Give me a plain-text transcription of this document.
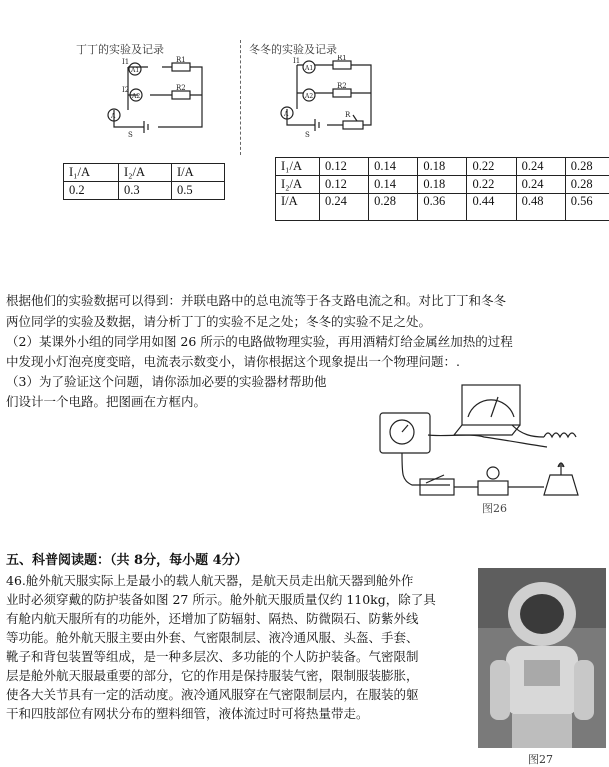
丁丁的实验及记录
I1
I2
R1
R2
A1
A2
A
S
冬冬的实验及记录
I1	R1
R2
A1
A2
A
S
R
I₁/A	I₂/A	I/A
0.2	0.3	0.5
I₁/A	0.12	0.14	0.18	0.22	0.24	0.28
I₂/A	0.12	0.14	0.18	0.22	0.24	0.28
I/A	0.24	0.28	0.36	0.44	0.48	0.56
根据他们的实验数据可以得到：并联电路中的总电流等于各支路电流之和。对比丁丁和冬冬
两位同学的实验及数据，请分析丁丁的实验不足之处；冬冬的实验不足之处。
（2）某课外小组的同学用如图 26 所示的电路做物理实验，再用酒精灯给金属丝加热的过程
中发现小灯泡亮度变暗，电流表示数变小，请你根据这个现象提出一个物理问题：.
（3）为了验证这个问题，请你添加必要的实验器材帮助他
们设计一个电路。把图画在方框内。
图26
五、科普阅读题：（共 8分，每小题 4分）
46.舱外航天服实际上是最小的载人航天器，是航天员走出航天器到舱外作
业时必须穿戴的防护装备如图 27 所示。舱外航天服质量仅约 110kg，除了具
有舱内航天服所有的功能外，还增加了防辐射、隔热、防微陨石、防紫外线
等功能。舱外航天服主要由外套、气密限制层、液冷通风服、头盔、手套、
靴子和背包装置等组成，是一种多层次、多功能的个人防护装备。气密限制
层是舱外航天服最重要的部分，它的作用是保持服装气密，限制服装膨胀，
使各大关节具有一定的活动度。液冷通风服穿在气密限制层内，在服装的躯
干和四肢部位有网状分布的塑料细管，液体流过时可将热量带走。
图27
